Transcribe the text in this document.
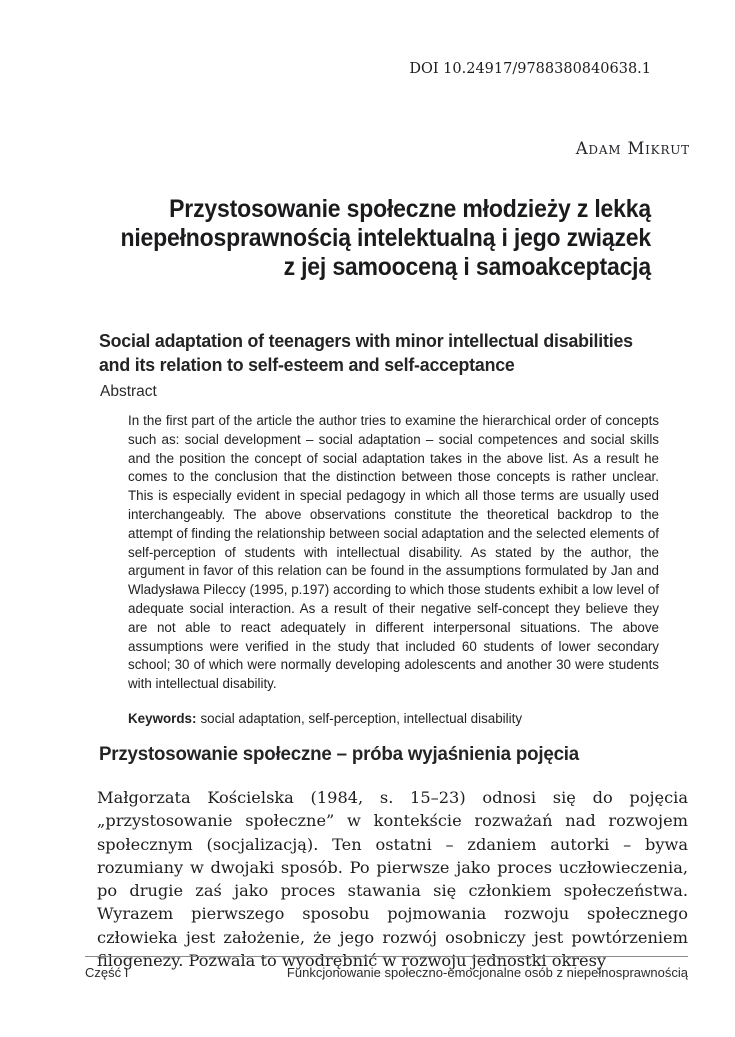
DOI 10.24917/9788380840638.1
Adam Mikrut
Przystosowanie społeczne młodzieży z lekką
niepełnosprawnością intelektualną i jego związek
z jej samooceną i samoakceptacją
Social adaptation of teenagers with minor intellectual disabilities
and its relation to self-esteem and self-acceptance
Abstract
In the first part of the article the author tries to examine the hierarchical order of concepts such as: social development – social adaptation – social competences and social skills and the position the concept of social adaptation takes in the above list. As a result he comes to the conclusion that the distinction between those concepts is rather unclear. This is especially evident in special pedagogy in which all those terms are usually used interchangeably. The above observations constitute the theoretical backdrop to the attempt of finding the relationship between social adaptation and the selected elements of self-perception of students with intellectual disability. As stated by the author, the argument in favor of this relation can be found in the assumptions formulated by Jan and Wladysława Pileccy (1995, p.197) according to which those students exhibit a low level of adequate social interaction. As a result of their negative self-concept they believe they are not able to react adequately in different interpersonal situations. The above assumptions were verified in the study that included 60 students of lower secondary school; 30 of which were normally developing adolescents and another 30 were students with intellectual disability.
Keywords: social adaptation, self-perception, intellectual disability
Przystosowanie społeczne – próba wyjaśnienia pojęcia
Małgorzata Kościelska (1984, s. 15–23) odnosi się do pojęcia „przystosowanie społeczne” w kontekście rozważań nad rozwojem społecznym (socjalizacją). Ten ostatni – zdaniem autorki – bywa rozumiany w dwojaki sposób. Po pierwsze jako proces uczłowieczenia, po drugie zaś jako proces stawania się członkiem społeczeństwa. Wyrazem pierwszego sposobu pojmowania rozwoju społecznego człowieka jest założenie, że jego rozwój osobniczy jest powtórzeniem filogenezy. Pozwala to wyodrębnić w rozwoju jednostki okresy
Część I	Funkcjonowanie społeczno-emocjonalne osób z niepełnosprawnością
